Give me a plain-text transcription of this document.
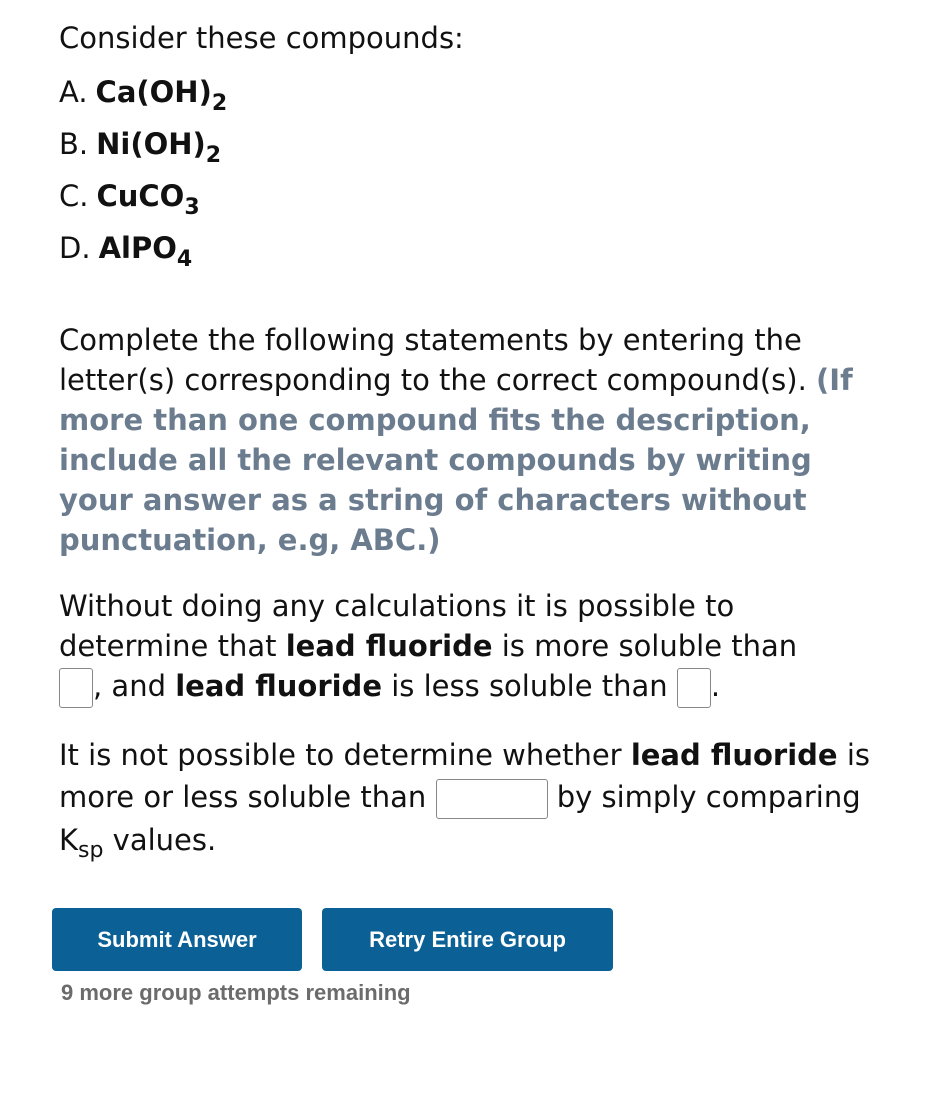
Consider these compounds:

A. $Ca(OH)_2$
B. $Ni(OH)_2$
C. CuCO$_3$
D. AlPO$_4$
Complete the following statements by entering the letter(s) corresponding to the correct compound(s). (If more than one compound fits the description, include all the relevant compounds by writing your answer as a string of characters without punctuation, e.g, ABC.)
Without doing any calculations it is possible to determine that lead fluoride is more soluble than
, and lead fluoride is less soluble than .
It is not possible to determine whether lead fluoride is more or less soluble than	by simply comparing $K_{sp}$ values.
Submit Answer	Retry Entire Group
9 more group attempts remaining
